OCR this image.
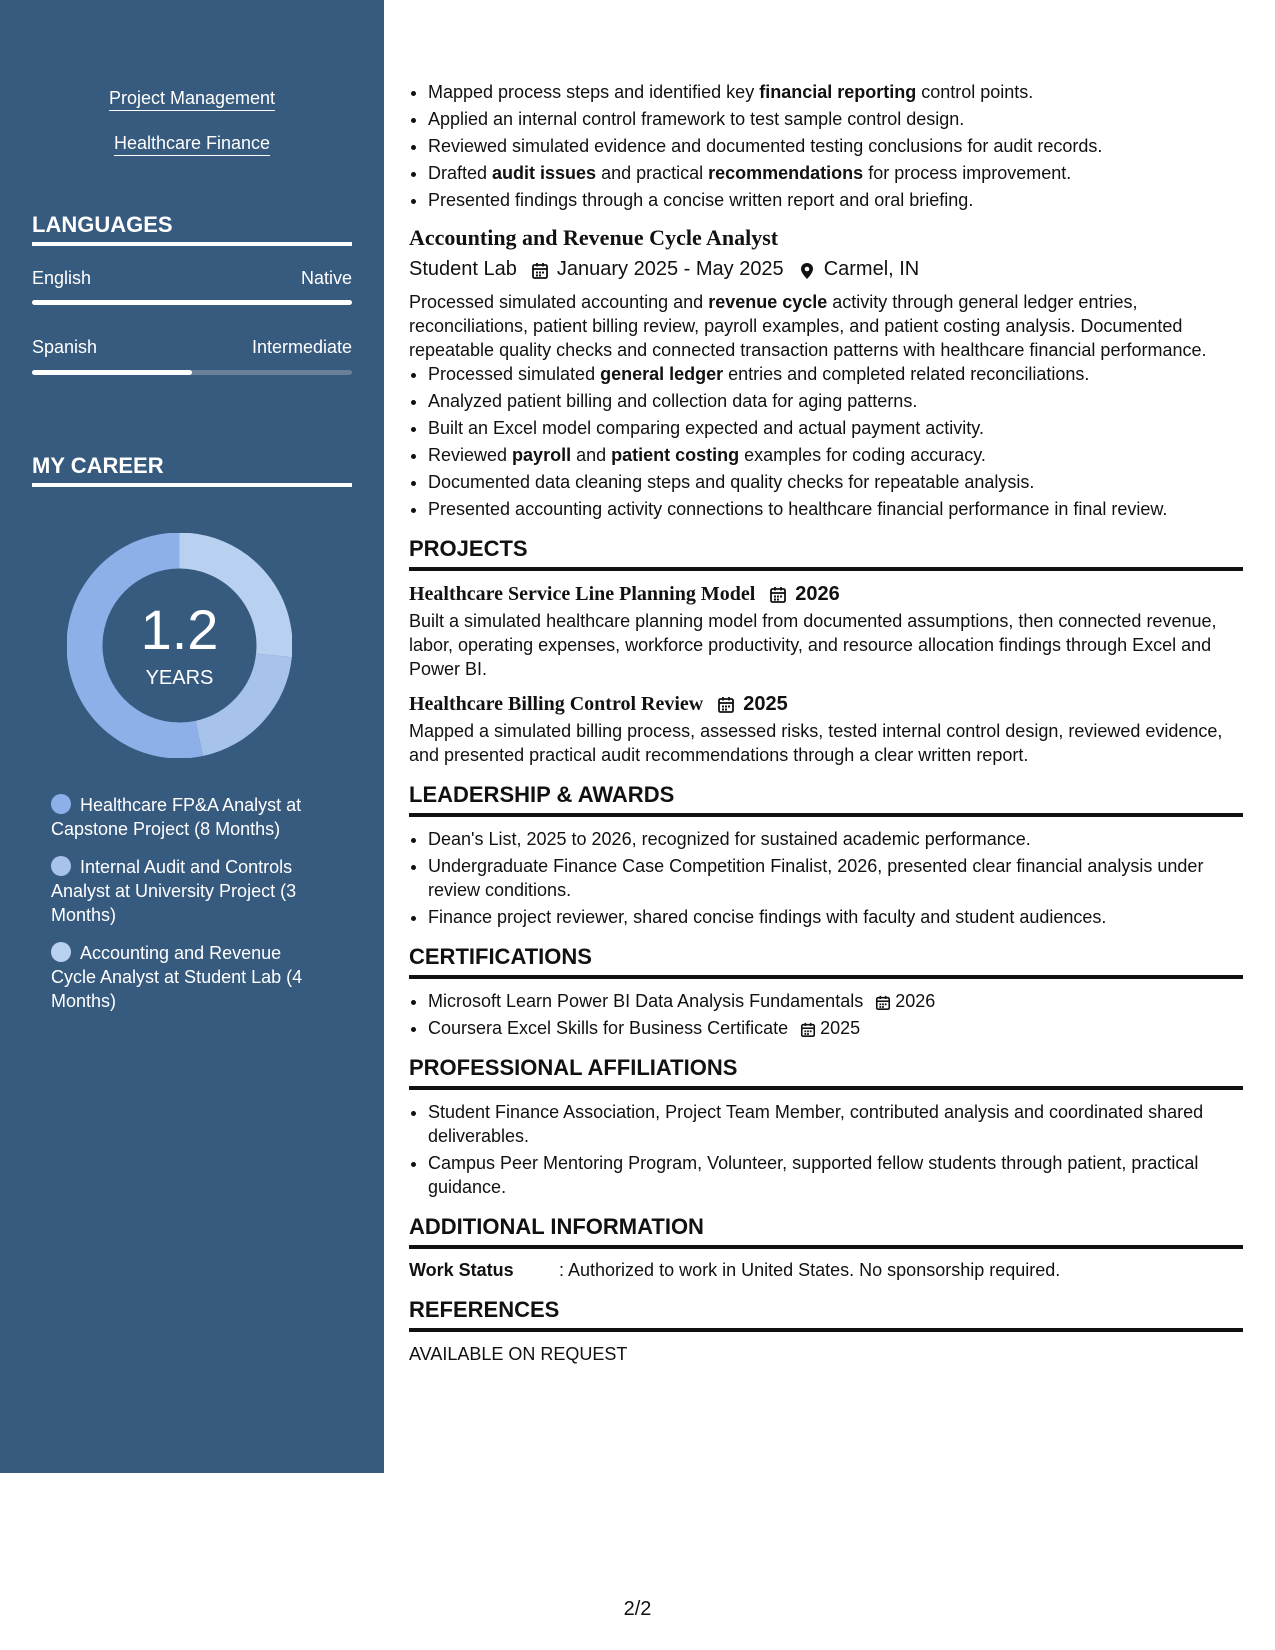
Project Management
Healthcare Finance
LANGUAGES
English	Native
Spanish	Intermediate
MY CAREER
1.2
YEARS
Healthcare FP&A Analyst at Capstone Project (8 Months)
Internal Audit and Controls Analyst at University Project (3 Months)
Accounting and Revenue Cycle Analyst at Student Lab (4 Months)
• Mapped process steps and identified key financial reporting control points.
• Applied an internal control framework to test sample control design.
• Reviewed simulated evidence and documented testing conclusions for audit records.
• Drafted audit issues and practical recommendations for process improvement.
• Presented findings through a concise written report and oral briefing.
Accounting and Revenue Cycle Analyst
Student Lab January 2025 - May 2025 Carmel, IN
Processed simulated accounting and revenue cycle activity through general ledger entries, reconciliations, patient billing review, payroll examples, and patient costing analysis. Documented repeatable quality checks and connected transaction patterns with healthcare financial performance.
• Processed simulated general ledger entries and completed related reconciliations.
• Analyzed patient billing and collection data for aging patterns.
• Built an Excel model comparing expected and actual payment activity.
• Reviewed payroll and patient costing examples for coding accuracy.
• Documented data cleaning steps and quality checks for repeatable analysis.
• Presented accounting activity connections to healthcare financial performance in final review.
PROJECTS
Healthcare Service Line Planning Model 2026
Built a simulated healthcare planning model from documented assumptions, then connected revenue, labor, operating expenses, workforce productivity, and resource allocation findings through Excel and Power BI.
Healthcare Billing Control Review 2025
Mapped a simulated billing process, assessed risks, tested internal control design, reviewed evidence, and presented practical audit recommendations through a clear written report.
LEADERSHIP & AWARDS
• Dean's List, 2025 to 2026, recognized for sustained academic performance.
• Undergraduate Finance Case Competition Finalist, 2026, presented clear financial analysis under review conditions.
• Finance project reviewer, shared concise findings with faculty and student audiences.
CERTIFICATIONS
• Microsoft Learn Power BI Data Analysis Fundamentals 2026
• Coursera Excel Skills for Business Certificate 2025
PROFESSIONAL AFFILIATIONS
• Student Finance Association, Project Team Member, contributed analysis and coordinated shared deliverables.
• Campus Peer Mentoring Program, Volunteer, supported fellow students through patient, practical guidance.
ADDITIONAL INFORMATION
Work Status	: Authorized to work in United States. No sponsorship required.
REFERENCES
AVAILABLE ON REQUEST
2/2
